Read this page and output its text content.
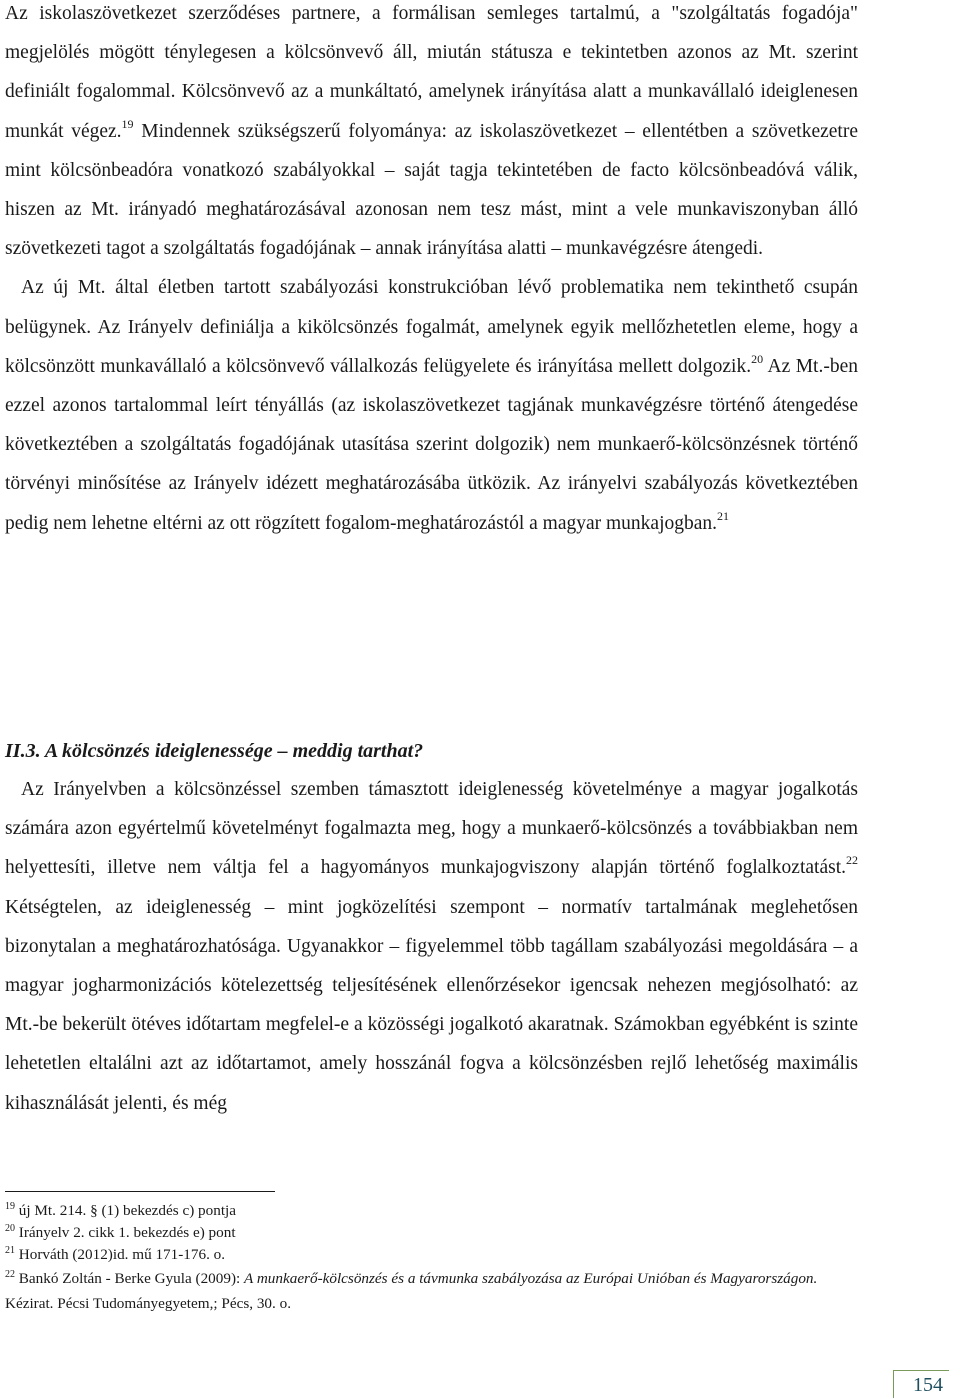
Az iskolaszövetkezet szerződéses partnere, a formálisan semleges tartalmú, a "szolgáltatás fogadója" megjelölés mögött ténylegesen a kölcsönvevő áll, miután státusza e tekintetben azonos az Mt. szerint definiált fogalommal. Kölcsönvevő az a munkáltató, amelynek irányítása alatt a munkavállaló ideiglenesen munkát végez.$^{19}$ Mindennek szükségszerű folyománya: az iskolaszövetkezet – ellentétben a szövetkezetre mint kölcsönbeadóra vonatkozó szabályokkal – saját tagja tekintetében de facto kölcsönbeadóvá válik, hiszen az Mt. irányadó meghatározásával azonosan nem tesz mást, mint a vele munkaviszonyban álló szövetkezeti tagot a szolgáltatás fogadójának – annak irányítása alatti – munkavégzésre átengedi.

Az új Mt. által életben tartott szabályozási konstrukcióban lévő problematika nem tekinthető csupán belügynek. Az Irányelv definiálja a kikölcsönzés fogalmát, amelynek egyik mellőzhetetlen eleme, hogy a kölcsönzött munkavállaló a kölcsönvevő vállalkozás felügyelete és irányítása mellett dolgozik.$^{20}$ Az Mt.-ben ezzel azonos tartalommal leírt tényállás (az iskolaszövetkezet tagjának munkavégzésre történő átengedése következtében a szolgáltatás fogadójának utasítása szerint dolgozik) nem munkaerő-kölcsönzésnek történő törvényi minősítése az Irányelv idézett meghatározásába ütközik. Az irányelvi szabályozás következtében pedig nem lehetne eltérni az ott rögzített fogalom-meghatározástól a magyar munkajogban.$^{21}$

II.3. A kölcsönzés ideiglenessége – meddig tarthat?

Az Irányelvben a kölcsönzéssel szemben támasztott ideiglenesség követelménye a magyar jogalkotás számára azon egyértelmű követelményt fogalmazta meg, hogy a munkaerő-kölcsönzés a továbbiakban nem helyettesíti, illetve nem váltja fel a hagyományos munkajogviszony alapján történő foglalkoztatást.$^{22}$ Kétségtelen, az ideiglenesség – mint jogközelítési szempont – normatív tartalmának meglehetősen bizonytalan a meghatározhatósága. Ugyanakkor – figyelemmel több tagállam szabályozási megoldására – a magyar jogharmonizációs kötelezettség teljesítésének ellenőrzésekor igencsak nehezen megjósolható: az Mt.-be bekerült ötéves időtartam megfelel-e a közösségi jogalkotó akaratnak. Számokban egyébként is szinte lehetetlen eltalálni azt az időtartamot, amely hosszánál fogva a kölcsönzésben rejlő lehetőség maximális kihasználását jelenti, és még

$^{19}$ új Mt. 214. § (1) bekezdés c) pontja

$^{20}$ Irányelv 2. cikk 1. bekezdés e) pont

$^{21}$ Horváth (2012)id. mű 171-176. o.

$^{22}$ Bankó Zoltán - Berke Gyula (2009): A munkaerő-kölcsönzés és a távmunka szabályozása az Európai Unióban és Magyarországon. Kézirat. Pécsi Tudományegyetem,; Pécs, 30. o.

154
